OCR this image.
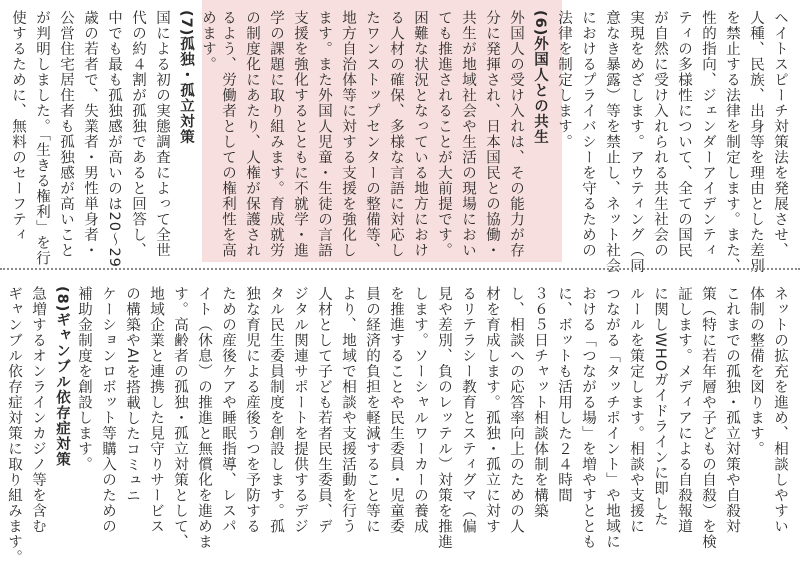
ヘイトスピーチ対策法を発展させ、
人種、民族、出身等を理由とした差別
を禁止する法律を制定します。また、
性的指向、ジェンダーアイデンティ
ティの多様性について、全ての国民
が自然に受け入れられる共生社会の
実現をめざします。アウティング（同
意なき暴露）等を禁止し、ネット社会
におけるプライバシーを守るための
法律を制定します。
(6)外国人との共生
外国人の受け入れは、その能力が存
分に発揮され、日本国民との協働・
共生が地域社会や生活の現場におい
ても推進されることが大前提です。
困難な状況となっている地方におけ
る人材の確保、多様な言語に対応し
たワンストップセンターの整備等、
地方自治体等に対する支援を強化し
ます。また外国人児童・生徒の言語
支援を強化するとともに不就学・進
学の課題に取り組みます。育成就労
の制度化にあたり、人権が保護され
るよう、労働者としての権利性を高
めます。
(7)孤独・孤立対策
国による初の実態調査によって全世
代の約４割が孤独であると回答し、
中でも最も孤独感が高いのは20〜29
歳の若者で、失業者・男性単身者・
公営住宅居住者も孤独感が高いこと
が判明しました。「生きる権利」を行
使するために、無料のセーフティ
ネットの拡充を進め、相談しやすい
体制の整備を図ります。
これまでの孤独・孤立対策や自殺対
策（特に若年層や子どもの自殺）を検
証します。メディアによる自殺報道
に関しWHOガイドラインに即した
ルールを策定します。相談や支援に
つながる「タッチポイント」や地域に
おける「つながる場」を増やすととも
に、ボットも活用した２４時間
３６５日チャット相談体制を構築
し、相談への応答率向上のための人
材を育成します。孤独・孤立に対す
るリテラシー教育とスティグマ（偏
見や差別、負のレッテル）対策を推進
します。ソーシャルワーカーの養成
を推進することや民生委員・児童委
員の経済的負担を軽減すること等に
より、地域で相談や支援活動を行う
人材として子ども若者民生委員、デ
ジタル関連サポートを提供するデジ
タル民生委員制度を創設します。孤
独な育児による産後うつを予防する
ための産後ケアや睡眠指導、レスパ
イト（休息）の推進と無償化を進めま
す。高齢者の孤独・孤立対策として、
地域企業と連携した見守りサービス
の構築やAIを搭載したコミュニ
ケーションロボット等購入のための
補助金制度を創設します。
(8)ギャンブル依存症対策
急増するオンラインカジノ等を含む
ギャンブル依存症対策に取り組みます。
